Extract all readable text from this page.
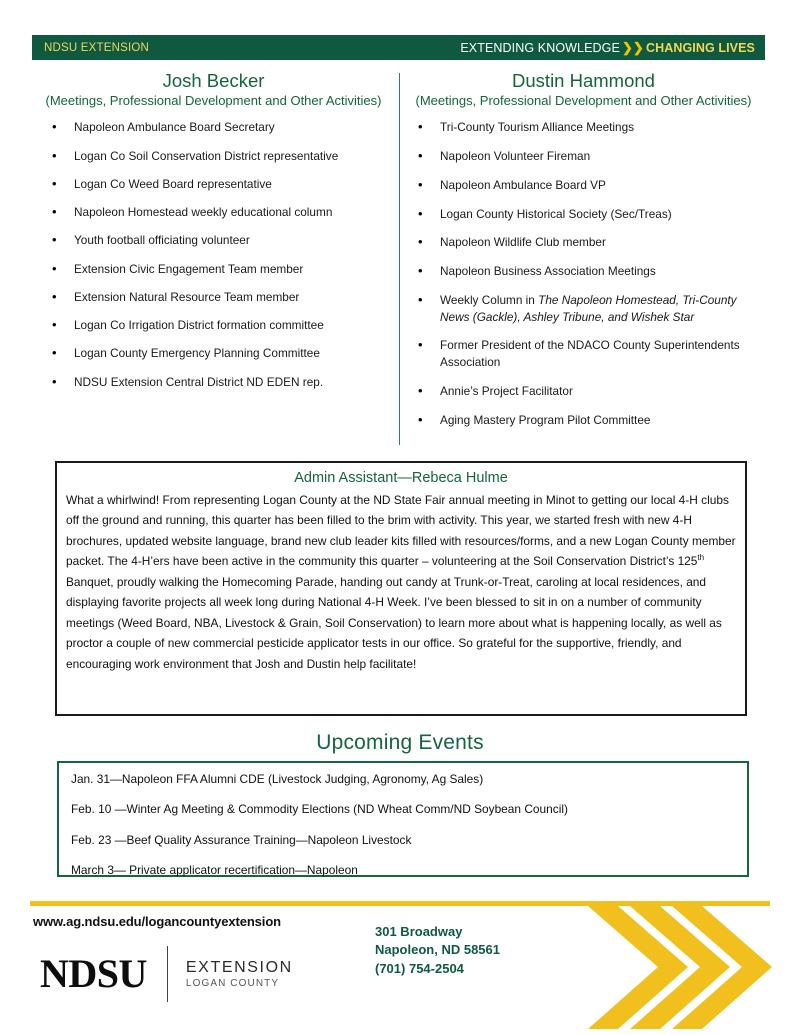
NDSU EXTENSION	EXTENDING KNOWLEDGE ❯❯ CHANGING LIVES
Josh Becker
(Meetings, Professional Development and Other Activities)
• Napoleon Ambulance Board Secretary
• Logan Co Soil Conservation District representative
• Logan Co Weed Board representative
• Napoleon Homestead weekly educational column
• Youth football officiating volunteer
• Extension Civic Engagement Team member
• Extension Natural Resource Team member
• Logan Co Irrigation District formation committee
• Logan County Emergency Planning Committee
• NDSU Extension Central District ND EDEN rep.
Dustin Hammond
(Meetings, Professional Development and Other Activities)
• Tri-County Tourism Alliance Meetings
• Napoleon Volunteer Fireman
• Napoleon Ambulance Board VP
• Logan County Historical Society (Sec/Treas)
• Napoleon Wildlife Club member
• Napoleon Business Association Meetings
• Weekly Column in The Napoleon Homestead, Tri-County News (Gackle), Ashley Tribune, and Wishek Star
• Former President of the NDACO County Superintendents Association
• Annie’s Project Facilitator
• Aging Mastery Program Pilot Committee
Admin Assistant—Rebeca Hulme

What a whirlwind! From representing Logan County at the ND State Fair annual meeting in Minot to getting our local 4-H clubs off the ground and running, this quarter has been filled to the brim with activity. This year, we started fresh with new 4-H brochures, updated website language, brand new club leader kits filled with resources/forms, and a new Logan County member packet. The 4-H’ers have been active in the community this quarter – volunteering at the Soil Conservation District’s 125th Banquet, proudly walking the Homecoming Parade, handing out candy at Trunk-or-Treat, caroling at local residences, and displaying favorite projects all week long during National 4-H Week. I’ve been blessed to sit in on a number of community meetings (Weed Board, NBA, Livestock & Grain, Soil Conservation) to learn more about what is happening locally, as well as proctor a couple of new commercial pesticide applicator tests in our office. So grateful for the supportive, friendly, and encouraging work environment that Josh and Dustin help facilitate!

Upcoming Events
Jan. 31—Napoleon FFA Alumni CDE (Livestock Judging, Agronomy, Ag Sales)
Feb. 10 —Winter Ag Meeting & Commodity Elections (ND Wheat Comm/ND Soybean Council)
Feb. 23 —Beef Quality Assurance Training—Napoleon Livestock
March 3— Private applicator recertification—Napoleon
www.ag.ndsu.edu/logancountyextension
301 Broadway
Napoleon, ND 58561
(701) 754-2504
NDSU EXTENSION
LOGAN COUNTY
